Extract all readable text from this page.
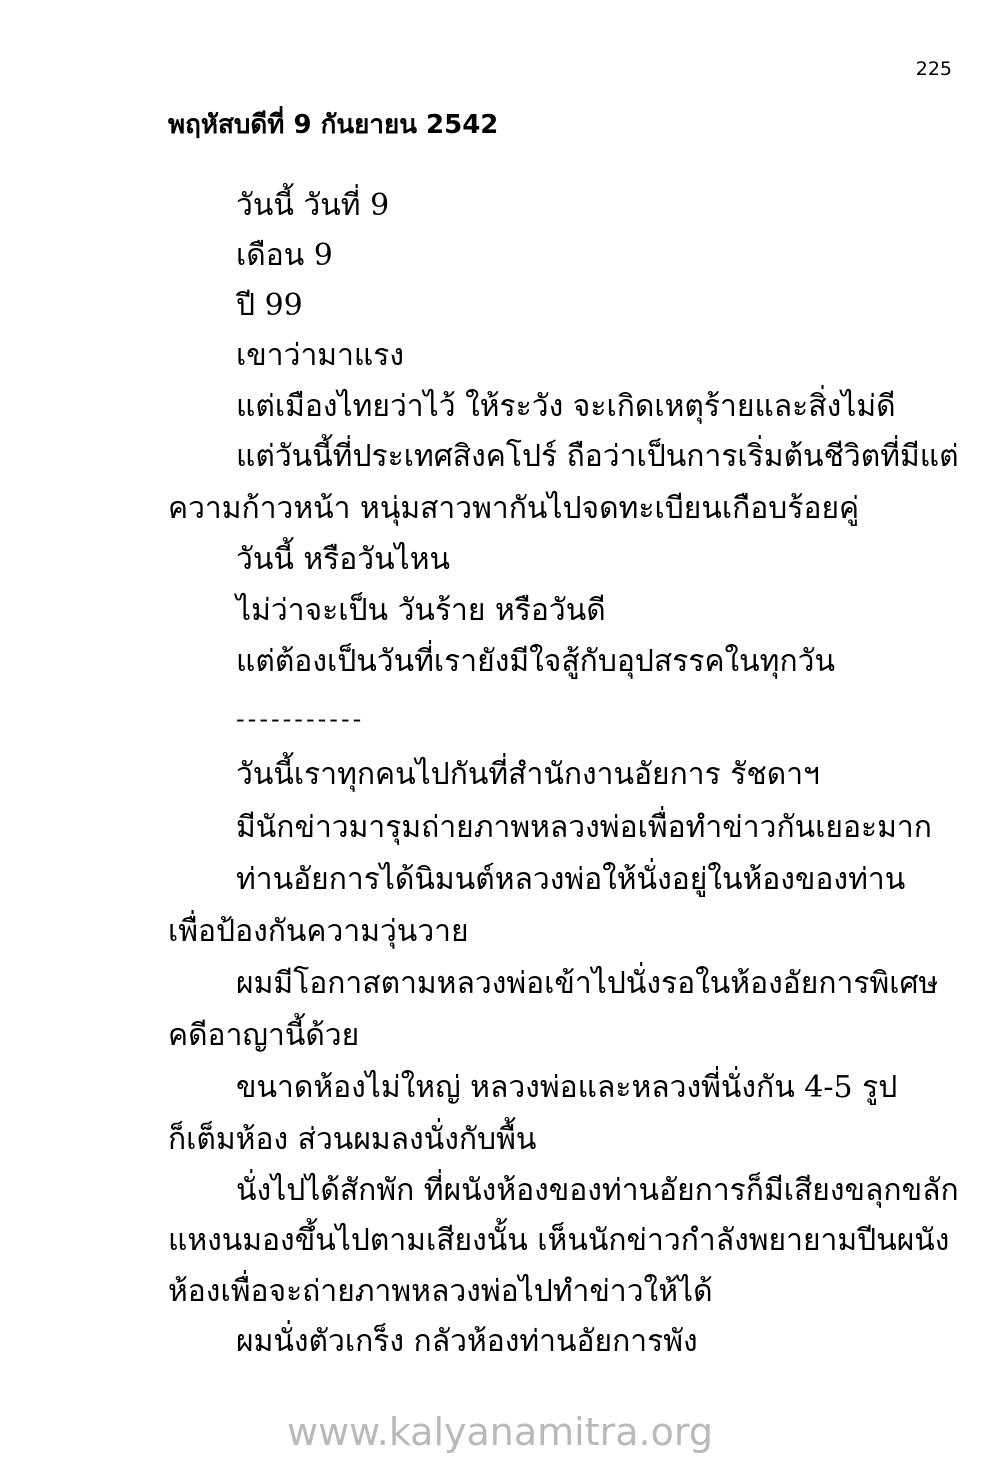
225
พฤหัสบดีที่ 9 กันยายน 2542
วันนี้ วันที่ 9
เดือน 9
ปี 99
เขาว่ามาแรง
แต่เมืองไทยว่าไว้ ให้ระวัง จะเกิดเหตุร้ายและสิ่งไม่ดี
แต่วันนี้ที่ประเทศสิงคโปร์ ถือว่าเป็นการเริ่มต้นชีวิตที่มีแต่
ความก้าวหน้า หนุ่มสาวพากันไปจดทะเบียนเกือบร้อยคู่
วันนี้ หรือวันไหน
ไม่ว่าจะเป็น วันร้าย หรือวันดี
แต่ต้องเป็นวันที่เรายังมีใจสู้กับอุปสรรคในทุกวัน
-----------
วันนี้เราทุกคนไปกันที่สำนักงานอัยการ รัชดาฯ
มีนักข่าวมารุมถ่ายภาพหลวงพ่อเพื่อทำข่าวกันเยอะมาก
ท่านอัยการได้นิมนต์หลวงพ่อให้นั่งอยู่ในห้องของท่าน
เพื่อป้องกันความวุ่นวาย
ผมมีโอกาสตามหลวงพ่อเข้าไปนั่งรอในห้องอัยการพิเศษ
คดีอาญานี้ด้วย
ขนาดห้องไม่ใหญ่ หลวงพ่อและหลวงพี่นั่งกัน 4-5 รูป
ก็เต็มห้อง ส่วนผมลงนั่งกับพื้น
นั่งไปได้สักพัก ที่ผนังห้องของท่านอัยการก็มีเสียงขลุกขลัก
แหงนมองขึ้นไปตามเสียงนั้น เห็นนักข่าวกำลังพยายามปีนผนัง
ห้องเพื่อจะถ่ายภาพหลวงพ่อไปทำข่าวให้ได้
ผมนั่งตัวเกร็ง กลัวห้องท่านอัยการพัง
www.kalyanamitra.org
